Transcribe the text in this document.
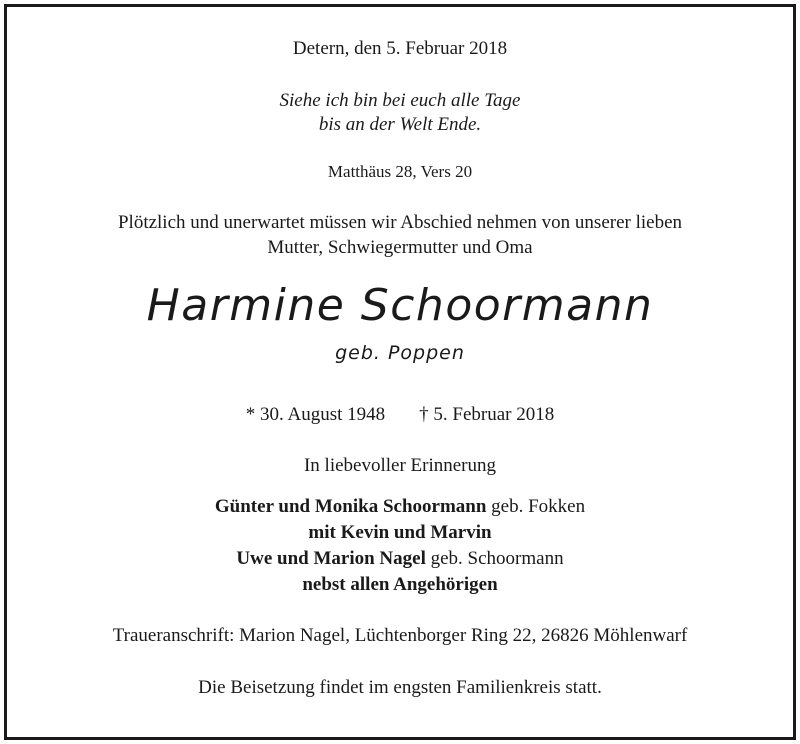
Detern, den 5. Februar 2018
Siehe ich bin bei euch alle Tage
bis an der Welt Ende.
Matthäus 28, Vers 20
Plötzlich und unerwartet müssen wir Abschied nehmen von unserer lieben
Mutter, Schwiegermutter und Oma
Harmine Schoormann
geb. Poppen
* 30. August 1948 † 5. Februar 2018
In liebevoller Erinnerung
Günter und Monika Schoormann geb. Fokken
mit Kevin und Marvin
Uwe und Marion Nagel geb. Schoormann
nebst allen Angehörigen
Traueranschrift: Marion Nagel, Lüchtenborger Ring 22, 26826 Möhlenwarf
Die Beisetzung findet im engsten Familienkreis statt.
